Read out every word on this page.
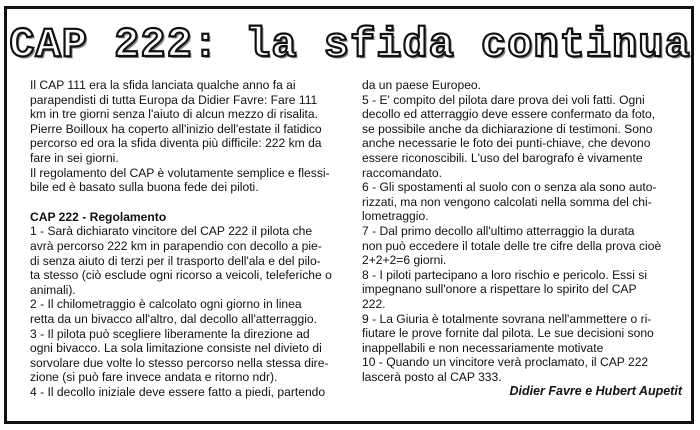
CAP 222: la sfida continua

Il CAP 111 era la sfida lanciata qualche anno fa ai

parapendisti di tutta Europa da Didier Favre: Fare 111

km in tre giorni senza l'aiuto di alcun mezzo di risalita.

Pierre Boilloux ha coperto all'inizio dell'estate il fatidico

percorso ed ora la sfida diventa più difficile: 222 km da

fare in sei giorni.

Il regolamento del CAP è volutamente semplice e flessi-

bile ed è basato sulla buona fede dei piloti.

CAP 222 - Regolamento

1 - Sarà dichiarato vincitore del CAP 222 il pilota che

avrà percorso 222 km in parapendio con decollo a pie-

di senza aiuto di terzi per il trasporto dell'ala e del pilo-

ta stesso (ciò esclude ogni ricorso a veicoli, teleferiche o

animali).

2 - Il chilometraggio è calcolato ogni giorno in linea

retta da un bivacco all'altro, dal decollo all'atterraggio.

3 - Il pilota può scegliere liberamente la direzione ad

ogni bivacco. La sola limitazione consiste nel divieto di

sorvolare due volte lo stesso percorso nella stessa dire-

zione (si può fare invece andata e ritorno ndr).

4 - Il decollo iniziale deve essere fatto a piedi, partendo

da un paese Europeo.

5 - E' compito del pilota dare prova dei voli fatti. Ogni

decollo ed atterraggio deve essere confermato da foto,

se possibile anche da dichiarazione di testimoni. Sono

anche necessarie le foto dei punti-chiave, che devono

essere riconoscibili. L'uso del barografo è vivamente

raccomandato.

6 - Gli spostamenti al suolo con o senza ala sono auto-

rizzati, ma non vengono calcolati nella somma del chi-

lometraggio.

7 - Dal primo decollo all'ultimo atterraggio la durata

non può eccedere il totale delle tre cifre della prova cioè

2+2+2=6 giorni.

8 - I piloti partecipano a loro rischio e pericolo. Essi si

impegnano sull'onore a rispettare lo spirito del CAP

222.

9 - La Giuria è totalmente sovrana nell'ammettere o ri-

fiutare le prove fornite dal pilota. Le sue decisioni sono

inappellabili e non necessariamente motivate

10 - Quando un vincitore verà proclamato, il CAP 222

lascerà posto al CAP 333.

Didier Favre e Hubert Aupetit
